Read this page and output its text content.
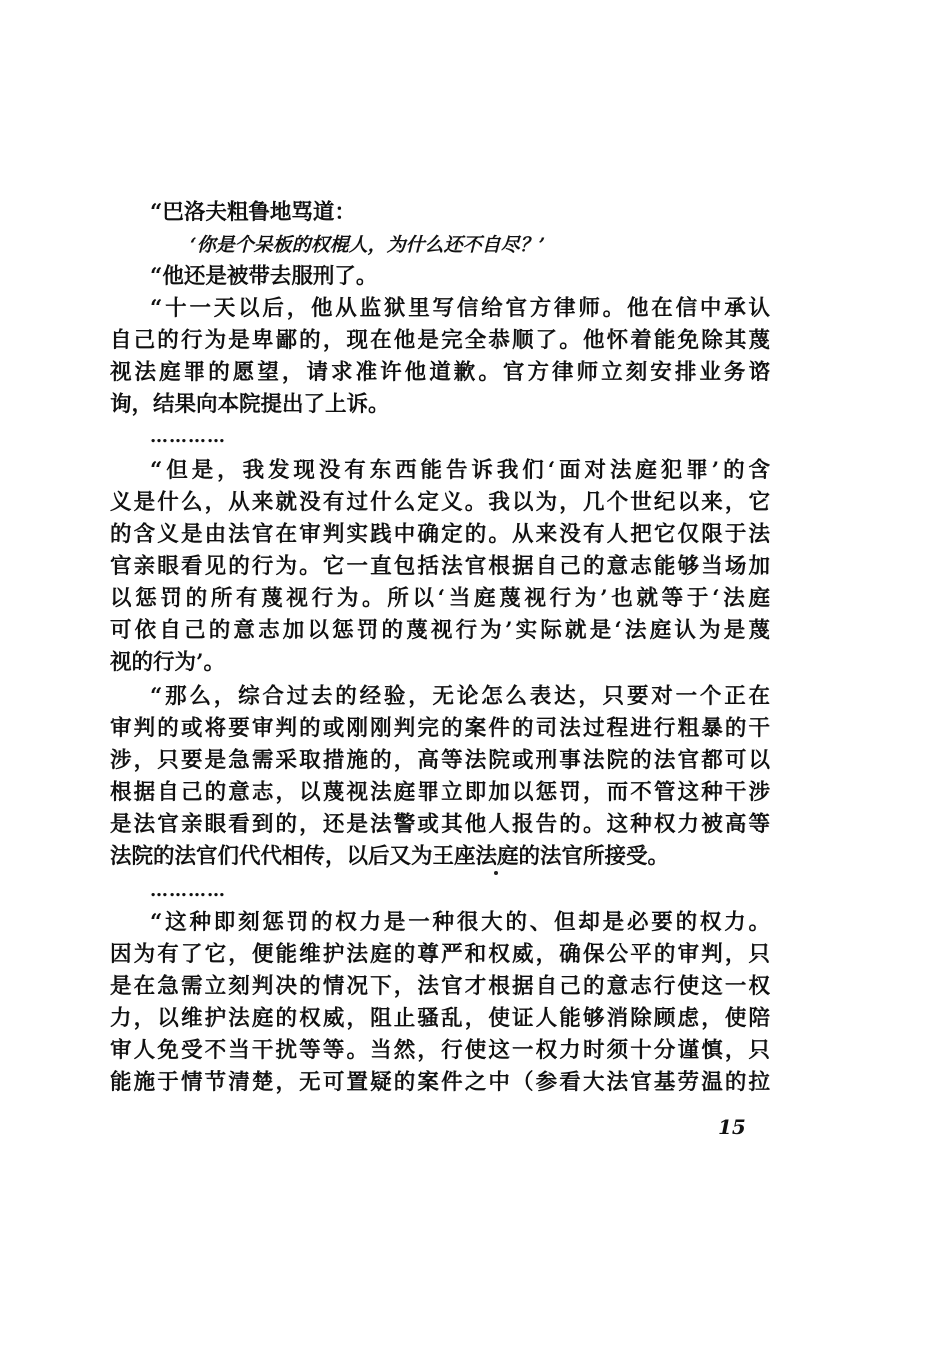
“巴洛夫粗鲁地骂道：
‘你是个呆板的权棍人，为什么还不自尽？’
“他还是被带去服刑了。
“十一天以后，他从监狱里写信给官方律师。他在信中承认
自己的行为是卑鄙的，现在他是完全恭顺了。他怀着能免除其蔑
视法庭罪的愿望，请求准许他道歉。官方律师立刻安排业务谘
询，结果向本院提出了上诉。
…………
“但是，我发现没有东西能告诉我们‘面对法庭犯罪’的含
义是什么，从来就没有过什么定义。我以为，几个世纪以来，它
的含义是由法官在审判实践中确定的。从来没有人把它仅限于法
官亲眼看见的行为。它一直包括法官根据自己的意志能够当场加
以惩罚的所有蔑视行为。所以‘当庭蔑视行为’也就等于‘法庭
可依自己的意志加以惩罚的蔑视行为’实际就是‘法庭认为是蔑
视的行为’。
“那么，综合过去的经验，无论怎么表达，只要对一个正在
审判的或将要审判的或刚刚判完的案件的司法过程进行粗暴的干
涉，只要是急需采取措施的，高等法院或刑事法院的法官都可以
根据自己的意志，以蔑视法庭罪立即加以惩罚，而不管这种干涉
是法官亲眼看到的，还是法警或其他人报告的。这种权力被高等
法院的法官们代代相传，以后又为王座法庭的法官所接受。
…………
“这种即刻惩罚的权力是一种很大的、但却是必要的权力。
因为有了它，便能维护法庭的尊严和权威，确保公平的审判，只
是在急需立刻判决的情况下，法官才根据自己的意志行使这一权
力，以维护法庭的权威，阻止骚乱，使证人能够消除顾虑，使陪
审人免受不当干扰等等。当然，行使这一权力时须十分谨慎，只
能施于情节清楚，无可置疑的案件之中（参看大法官基劳温的拉
15
